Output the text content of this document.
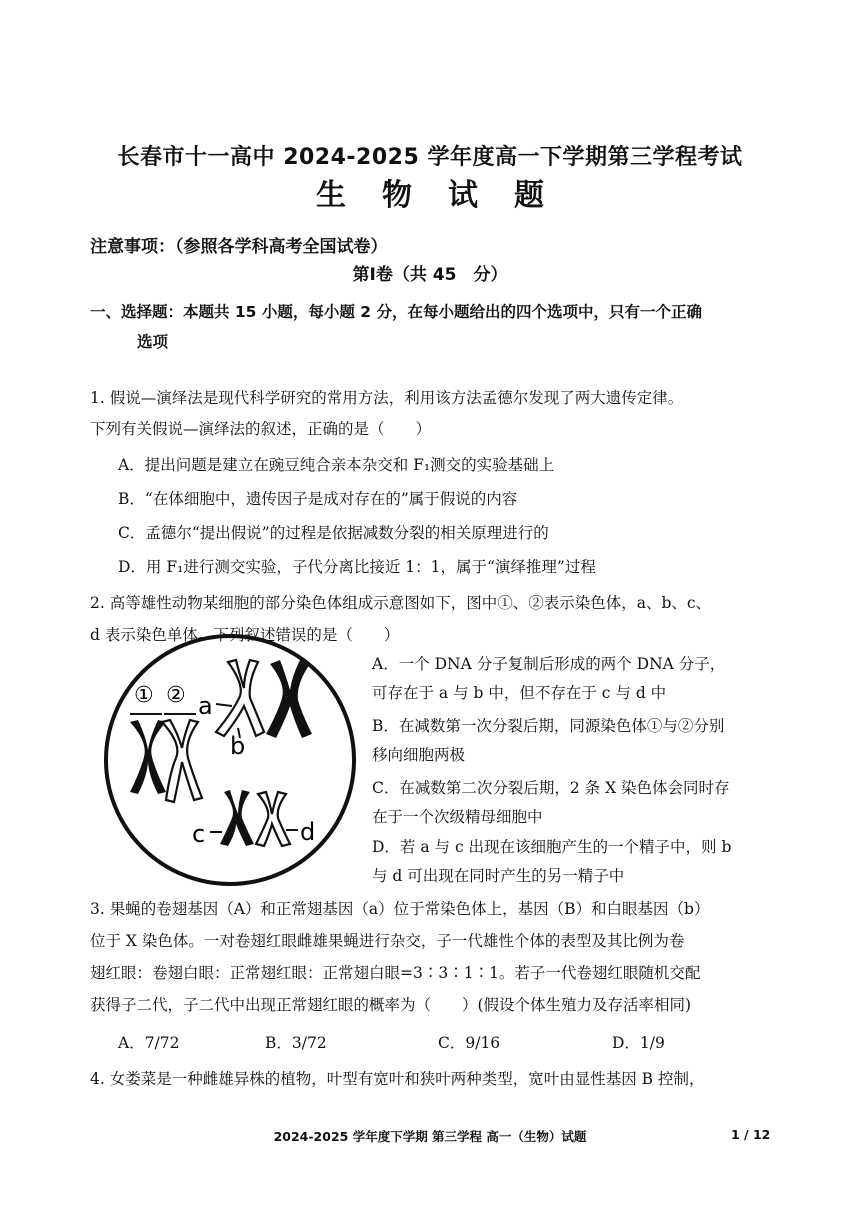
长春市十一高中 2024-2025 学年度高一下学期第三学程考试
生物试题
注意事项：（参照各学科高考全国试卷）
第Ⅰ卷（共 45　分）
一、选择题：本题共 15 小题，每小题 2 分，在每小题给出的四个选项中，只有一个正确
选项
1. 假说—演绎法是现代科学研究的常用方法，利用该方法孟德尔发现了两大遗传定律。
下列有关假说—演绎法的叙述，正确的是（　　）
A．提出问题是建立在豌豆纯合亲本杂交和 F₁测交的实验基础上
B．“在体细胞中，遗传因子是成对存在的”属于假说的内容
C．孟德尔“提出假说”的过程是依据减数分裂的相关原理进行的
D．用 F₁进行测交实验，子代分离比接近 1：1，属于“演绎推理”过程
2. 高等雄性动物某细胞的部分染色体组成示意图如下，图中①、②表示染色体，a、b、c、
d 表示染色单体。下列叙述错误的是（　　）
A．一个 DNA 分子复制后形成的两个 DNA 分子，
可存在于 a 与 b 中，但不存在于 c 与 d 中
B．在减数第一次分裂后期，同源染色体①与②分别
移向细胞两极
C．在减数第二次分裂后期，2 条 X 染色体会同时存
在于一个次级精母细胞中
D．若 a 与 c 出现在该细胞产生的一个精子中，则 b
与 d 可出现在同时产生的另一精子中
① ② a
b
c	d
3. 果蝇的卷翅基因（A）和正常翅基因（a）位于常染色体上，基因（B）和白眼基因（b）
位于 X 染色体。一对卷翅红眼雌雄果蝇进行杂交，子一代雄性个体的表型及其比例为卷
翅红眼：卷翅白眼：正常翅红眼：正常翅白眼=3∶3∶1∶1。若子一代卷翅红眼随机交配
获得子二代，子二代中出现正常翅红眼的概率为（　　）(假设个体生殖力及存活率相同)
A．7/72	B．3/72	C．9/16	D．1/9
4. 女娄菜是一种雌雄异株的植物，叶型有宽叶和狭叶两种类型，宽叶由显性基因 B 控制，
2024-2025 学年度下学期 第三学程 高一（生物）试题	1 / 12
